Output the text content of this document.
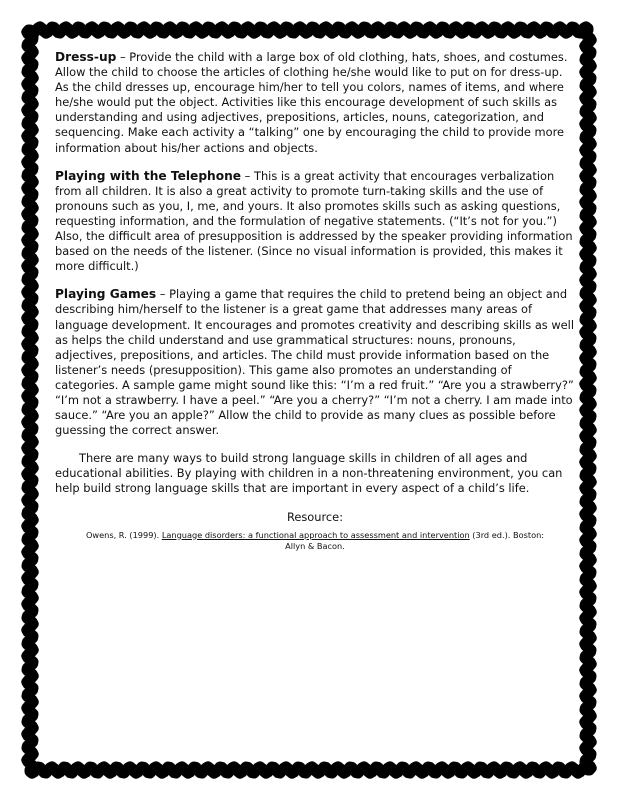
Dress-up – Provide the child with a large box of old clothing, hats, shoes, and costumes. Allow the child to choose the articles of clothing he/she would like to put on for dress-up. As the child dresses up, encourage him/her to tell you colors, names of items, and where he/she would put the object. Activities like this encourage development of such skills as understanding and using adjectives, prepositions, articles, nouns, categorization, and sequencing. Make each activity a “talking” one by encouraging the child to provide more information about his/her actions and objects.

Playing with the Telephone – This is a great activity that encourages verbalization from all children. It is also a great activity to promote turn-taking skills and the use of pronouns such as you, I, me, and yours. It also promotes skills such as asking questions, requesting information, and the formulation of negative statements. (“It’s not for you.”) Also, the difficult area of presupposition is addressed by the speaker providing information based on the needs of the listener. (Since no visual information is provided, this makes it more difficult.)

Playing Games – Playing a game that requires the child to pretend being an object and describing him/herself to the listener is a great game that addresses many areas of language development. It encourages and promotes creativity and describing skills as well as helps the child understand and use grammatical structures: nouns, pronouns, adjectives, prepositions, and articles. The child must provide information based on the listener’s needs (presupposition). This game also promotes an understanding of categories. A sample game might sound like this: “I’m a red fruit.” “Are you a strawberry?” “I’m not a strawberry. I have a peel.” “Are you a cherry?” “I’m not a cherry. I am made into sauce.” “Are you an apple?” Allow the child to provide as many clues as possible before guessing the correct answer.

There are many ways to build strong language skills in children of all ages and educational abilities. By playing with children in a non-threatening environment, you can help build strong language skills that are important in every aspect of a child’s life.

Resource:
Owens, R. (1999). Language disorders: a functional approach to assessment and intervention (3rd ed.). Boston: Allyn & Bacon.
